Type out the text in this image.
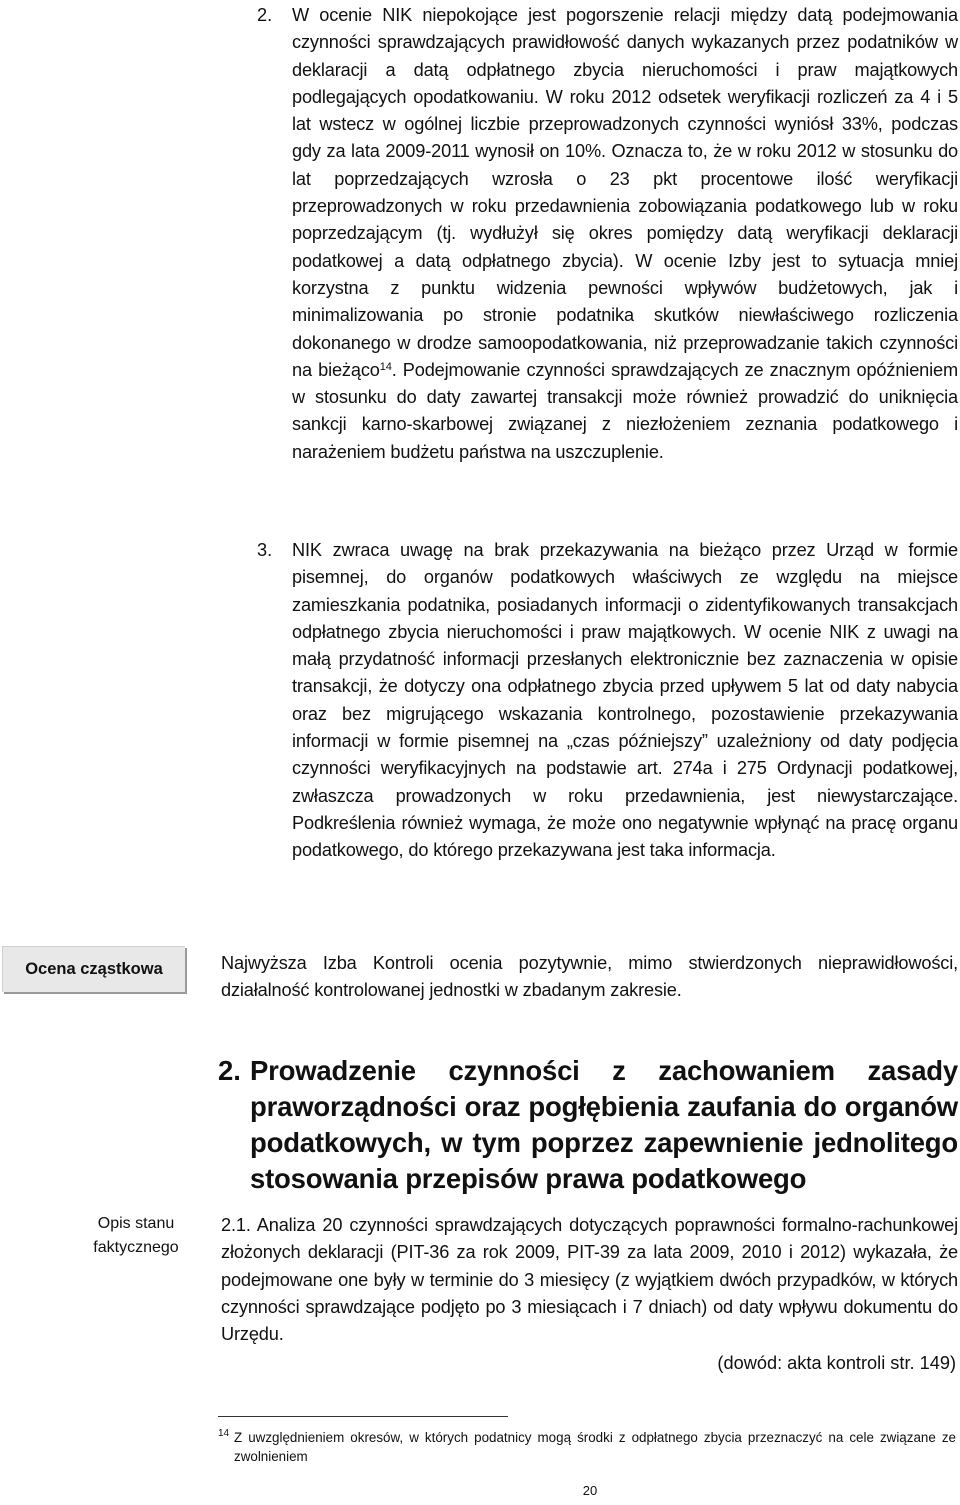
2. W ocenie NIK niepokojące jest pogorszenie relacji między datą podejmowania czynności sprawdzających prawidłowość danych wykazanych przez podatników w deklaracji a datą odpłatnego zbycia nieruchomości i praw majątkowych podlegających opodatkowaniu. W roku 2012 odsetek weryfikacji rozliczeń za 4 i 5 lat wstecz w ogólnej liczbie przeprowadzonych czynności wyniósł 33%, podczas gdy za lata 2009-2011 wynosił on 10%. Oznacza to, że w roku 2012 w stosunku do lat poprzedzających wzrosła o 23 pkt procentowe ilość weryfikacji przeprowadzonych w roku przedawnienia zobowiązania podatkowego lub w roku poprzedzającym (tj. wydłużył się okres pomiędzy datą weryfikacji deklaracji podatkowej a datą odpłatnego zbycia). W ocenie Izby jest to sytuacja mniej korzystna z punktu widzenia pewności wpływów budżetowych, jak i minimalizowania po stronie podatnika skutków niewłaściwego rozliczenia dokonanego w drodze samoopodatkowania, niż przeprowadzanie takich czynności na bieżąco$^{14}$. Podejmowanie czynności sprawdzających ze znacznym opóźnieniem w stosunku do daty zawartej transakcji może również prowadzić do uniknięcia sankcji karno-skarbowej związanej z niezłożeniem zeznania podatkowego i narażeniem budżetu państwa na uszczuplenie.

3. NIK zwraca uwagę na brak przekazywania na bieżąco przez Urząd w formie pisemnej, do organów podatkowych właściwych ze względu na miejsce zamieszkania podatnika, posiadanych informacji o zidentyfikowanych transakcjach odpłatnego zbycia nieruchomości i praw majątkowych. W ocenie NIK z uwagi na małą przydatność informacji przesłanych elektronicznie bez zaznaczenia w opisie transakcji, że dotyczy ona odpłatnego zbycia przed upływem 5 lat od daty nabycia oraz bez migrującego wskazania kontrolnego, pozostawienie przekazywania informacji w formie pisemnej na „czas późniejszy” uzależniony od daty podjęcia czynności weryfikacyjnych na podstawie art. 274a i 275 Ordynacji podatkowej, zwłaszcza prowadzonych w roku przedawnienia, jest niewystarczające. Podkreślenia również wymaga, że może ono negatywnie wpłynąć na pracę organu podatkowego, do którego przekazywana jest taka informacja.

Ocena cząstkowa	Najwyższa Izba Kontroli ocenia pozytywnie, mimo stwierdzonych nieprawidłowości, działalność kontrolowanej jednostki w zbadanym zakresie.

2. Prowadzenie czynności z zachowaniem zasady praworządności oraz pogłębienia zaufania do organów podatkowych, w tym poprzez zapewnienie jednolitego stosowania przepisów prawa podatkowego
Opis stanu
faktycznego

2.1. Analiza 20 czynności sprawdzających dotyczących poprawności formalno-rachunkowej złożonych deklaracji (PIT-36 za rok 2009, PIT-39 za lata 2009, 2010 i 2012) wykazała, że podejmowane one były w terminie do 3 miesięcy (z wyjątkiem dwóch przypadków, w których czynności sprawdzające podjęto po 3 miesiącach i 7 dniach) od daty wpływu dokumentu do Urzędu.

(dowód: akta kontroli str. 149)
14 Z uwzględnieniem okresów, w których podatnicy mogą środki z odpłatnego zbycia przeznaczyć na cele związane ze zwolnieniem

20
